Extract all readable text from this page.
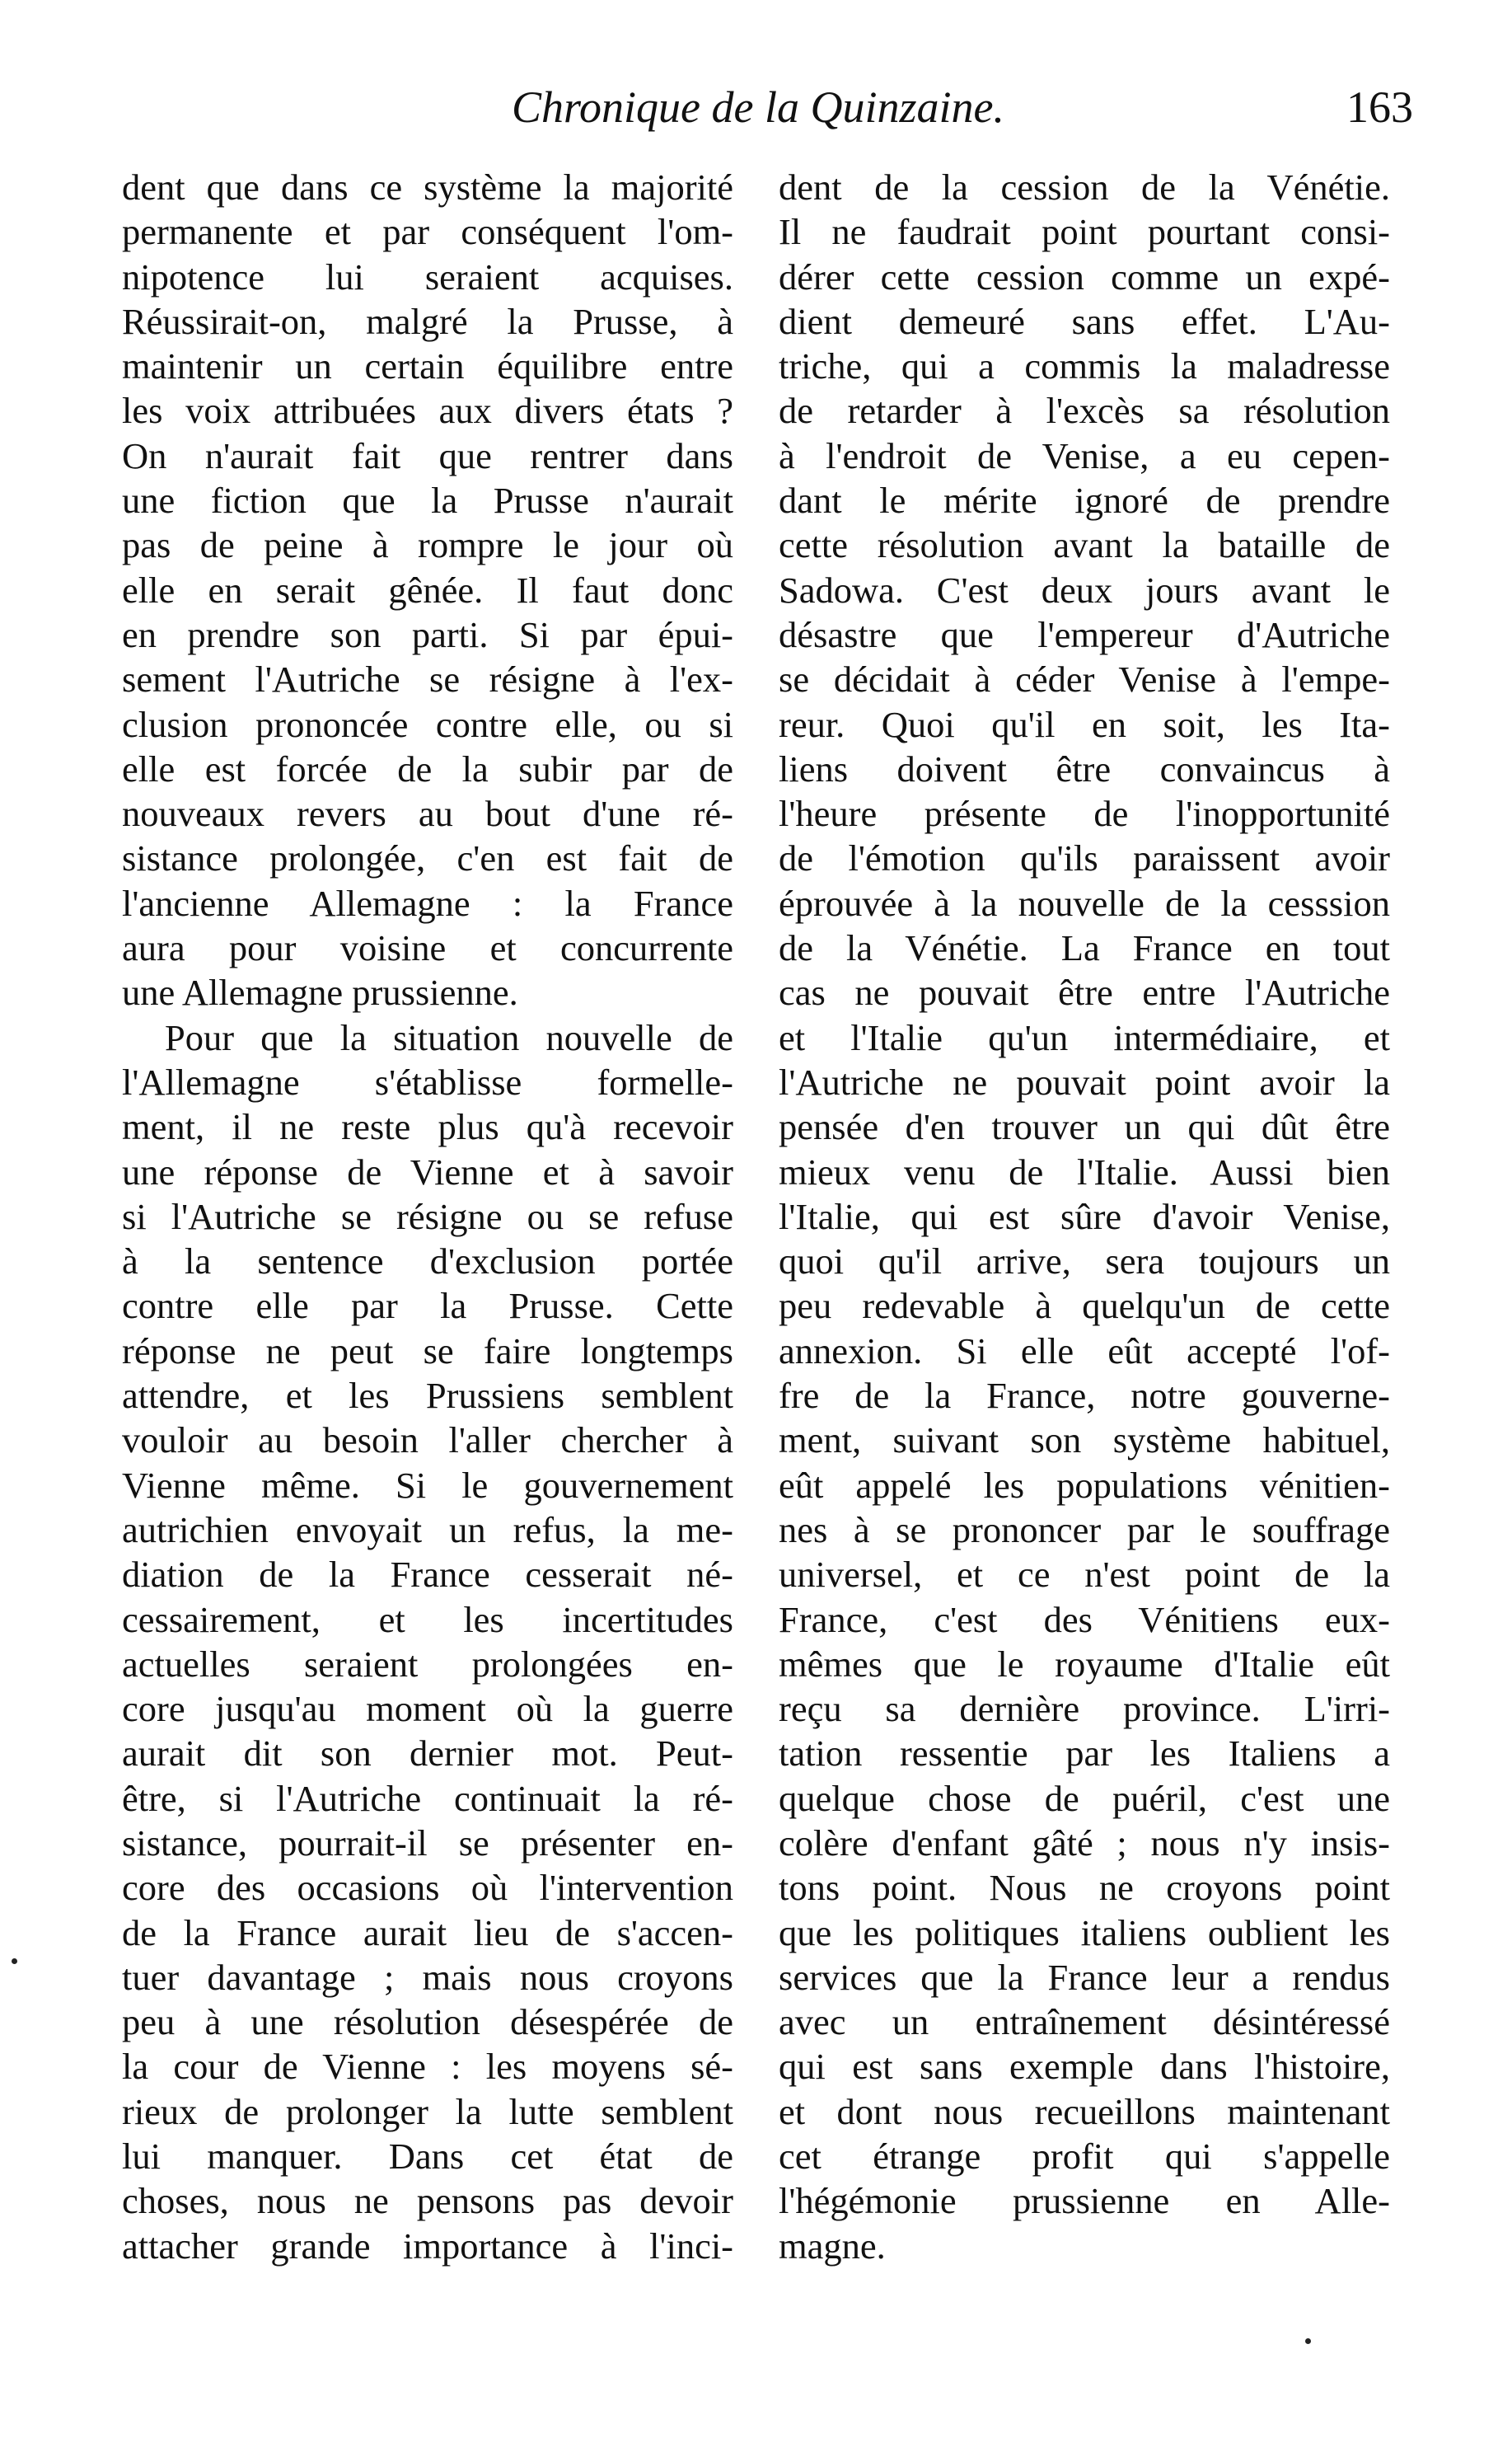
Chronique de la Quinzaine.	163
dent que dans ce système la majorité
permanente et par conséquent l'om-
nipotence lui seraient acquises.
Réussirait-on, malgré la Prusse, à
maintenir un certain équilibre entre
les voix attribuées aux divers états ?
On n'aurait fait que rentrer dans
une fiction que la Prusse n'aurait
pas de peine à rompre le jour où
elle en serait gênée. Il faut donc
en prendre son parti. Si par épui-
sement l'Autriche se résigne à l'ex-
clusion prononcée contre elle, ou si
elle est forcée de la subir par de
nouveaux revers au bout d'une ré-
sistance prolongée, c'en est fait de
l'ancienne Allemagne : la France
aura pour voisine et concurrente
une Allemagne prussienne.
Pour que la situation nouvelle de
l'Allemagne s'établisse formelle-
ment, il ne reste plus qu'à recevoir
une réponse de Vienne et à savoir
si l'Autriche se résigne ou se refuse
à la sentence d'exclusion portée
contre elle par la Prusse. Cette
réponse ne peut se faire longtemps
attendre, et les Prussiens semblent
vouloir au besoin l'aller chercher à
Vienne même. Si le gouvernement
autrichien envoyait un refus, la me-
diation de la France cesserait né-
cessairement, et les incertitudes
actuelles seraient prolongées en-
core jusqu'au moment où la guerre
aurait dit son dernier mot. Peut-
être, si l'Autriche continuait la ré-
sistance, pourrait-il se présenter en-
core des occasions où l'intervention
de la France aurait lieu de s'accen-
tuer davantage ; mais nous croyons
peu à une résolution désespérée de
la cour de Vienne : les moyens sé-
rieux de prolonger la lutte semblent
lui manquer. Dans cet état de
choses, nous ne pensons pas devoir
attacher grande importance à l'inci-
dent de la cession de la Vénétie.
Il ne faudrait point pourtant consi-
dérer cette cession comme un expé-
dient demeuré sans effet. L'Au-
triche, qui a commis la maladresse
de retarder à l'excès sa résolution
à l'endroit de Venise, a eu cepen-
dant le mérite ignoré de prendre
cette résolution avant la bataille de
Sadowa. C'est deux jours avant le
désastre que l'empereur d'Autriche
se décidait à céder Venise à l'empe-
reur. Quoi qu'il en soit, les Ita-
liens doivent être convaincus à
l'heure présente de l'inopportunité
de l'émotion qu'ils paraissent avoir
éprouvée à la nouvelle de la cesssion
de la Vénétie. La France en tout
cas ne pouvait être entre l'Autriche
et l'Italie qu'un intermédiaire, et
l'Autriche ne pouvait point avoir la
pensée d'en trouver un qui dût être
mieux venu de l'Italie. Aussi bien
l'Italie, qui est sûre d'avoir Venise,
quoi qu'il arrive, sera toujours un
peu redevable à quelqu'un de cette
annexion. Si elle eût accepté l'of-
fre de la France, notre gouverne-
ment, suivant son système habituel,
eût appelé les populations vénitien-
nes à se prononcer par le souffrage
universel, et ce n'est point de la
France, c'est des Vénitiens eux-
mêmes que le royaume d'Italie eût
reçu sa dernière province. L'irri-
tation ressentie par les Italiens a
quelque chose de puéril, c'est une
colère d'enfant gâté ; nous n'y insis-
tons point. Nous ne croyons point
que les politiques italiens oublient les
services que la France leur a rendus
avec un entraînement désintéressé
qui est sans exemple dans l'histoire,
et dont nous recueillons maintenant
cet étrange profit qui s'appelle
l'hégémonie prussienne en Alle-
magne.
